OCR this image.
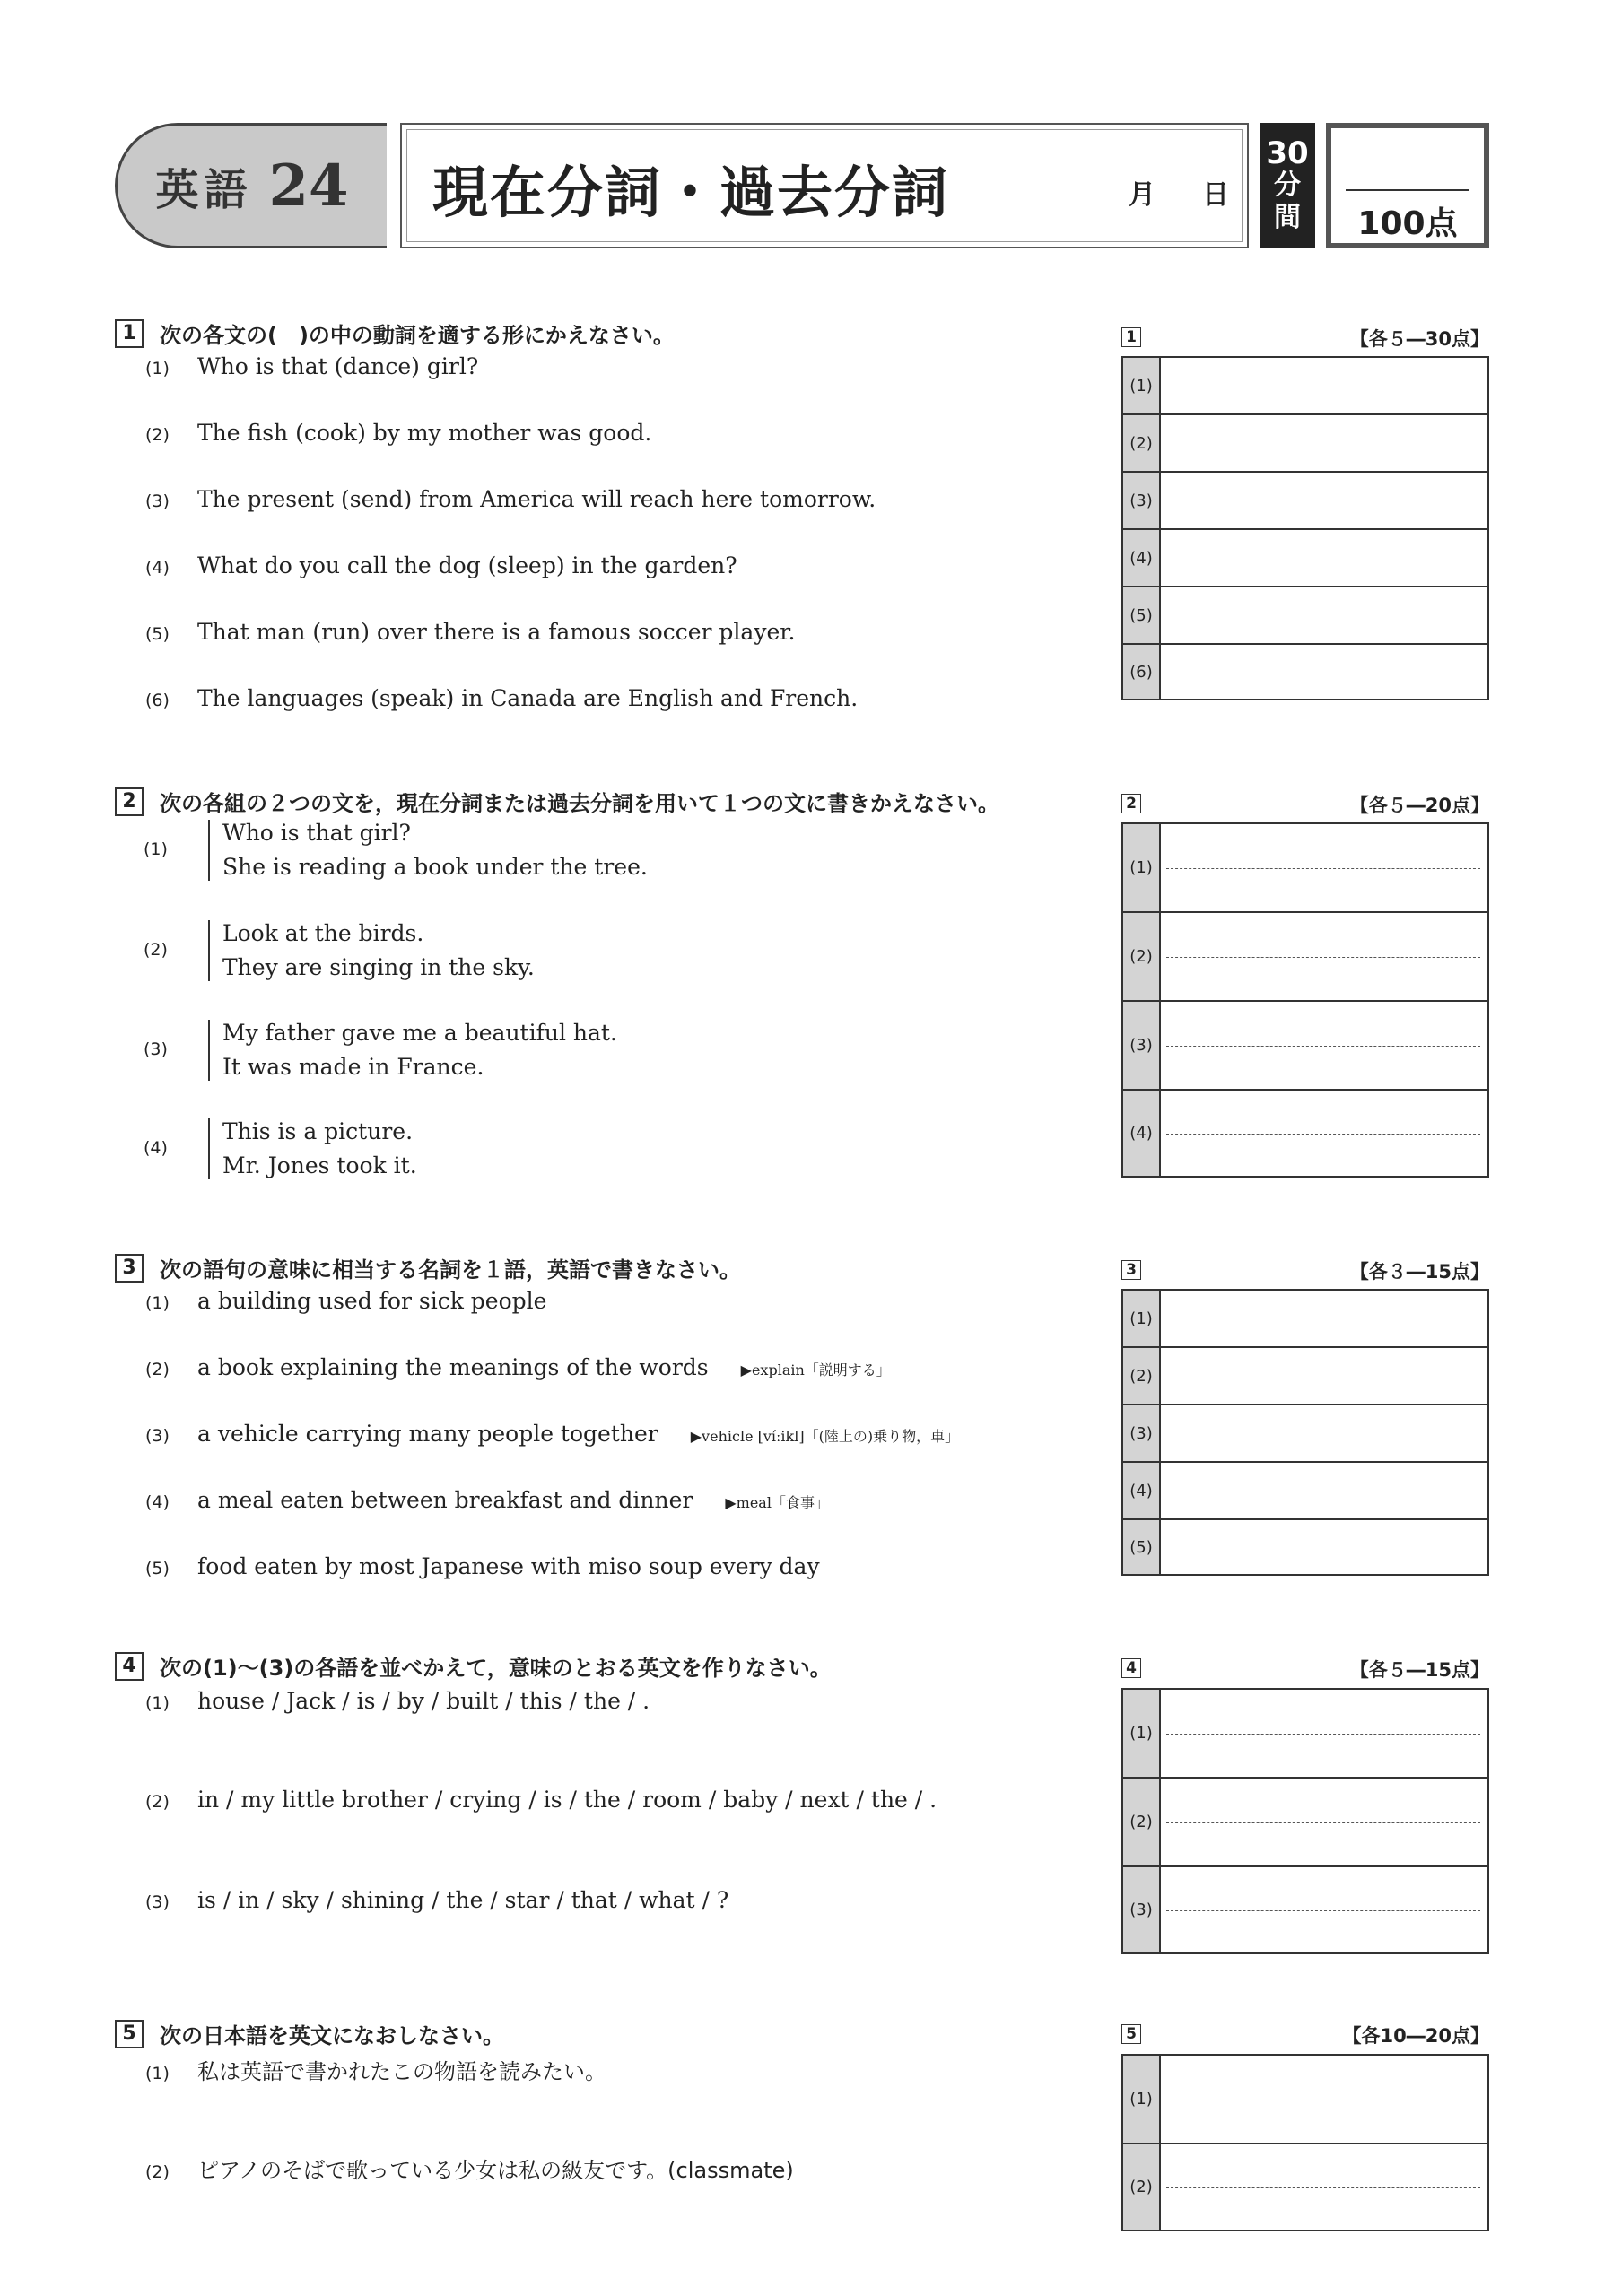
英語 24 現在分詞・過去分詞	月 日
30
分
間	100点
1	次の各文の(　)の中の動詞を適する形にかえなさい。
(1)	Who is that (dance) girl?
(2)	The fish (cook) by my mother was good.
(3)	The present (send) from America will reach here tomorrow.
(4)	What do you call the dog (sleep) in the garden?
(5)	That man (run) over there is a famous soccer player.
(6)	The languages (speak) in Canada are English and French.
1	【各５―30点】
(1)
(2)
(3)
(4)
(5)
(6)
2	次の各組の２つの文を，現在分詞または過去分詞を用いて１つの文に書きかえなさい。
(1)
Who is that girl?
She is reading a book under the tree.
(2)
Look at the birds.
They are singing in the sky.
(3)
My father gave me a beautiful hat.
It was made in France.
(4)
This is a picture.
Mr. Jones took it.
2	【各５―20点】
(1)
(2)
(3)
(4)
3	次の語句の意味に相当する名詞を１語，英語で書きなさい。
(1)	a building used for sick people
(2)	a book explaining the meanings of the words ▶explain「説明する」
(3)	a vehicle carrying many people together ▶vehicle [víːikl]「(陸上の)乗り物，車」
(4)	a meal eaten between breakfast and dinner ▶meal「食事」
(5)	food eaten by most Japanese with miso soup every day
3	【各３―15点】
(1)
(2)
(3)
(4)
(5)
4	次の(1)～(3)の各語を並べかえて，意味のとおる英文を作りなさい。
(1)	house / Jack / is / by / built / this / the / .
(2)	in / my little brother / crying / is / the / room / baby / next / the / .
(3)	is / in / sky / shining / the / star / that / what / ?
4	【各５―15点】
(1)
(2)
(3)
5	次の日本語を英文になおしなさい。
(1)	私は英語で書かれたこの物語を読みたい。
(2)	ピアノのそばで歌っている少女は私の級友です。(classmate)
5	【各10―20点】
(1)
(2)
